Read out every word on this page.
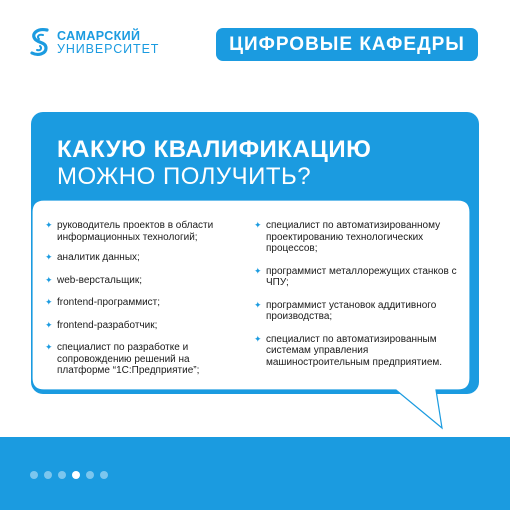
САМАРСКИЙ
УНИВЕРСИТЕТ	ЦИФРОВЫЕ КАФЕДРЫ
КАКУЮ КВАЛИФИКАЦИЮ
МОЖНО ПОЛУЧИТЬ?
✦ руководитель проектов в области информационных технологий;
✦ аналитик данных;
✦ web-верстальщик;
✦ frontend-программист;
✦ frontend-разработчик;
✦ специалист по разработке и сопровождению решений на платформе “1С:Предприятие”;
✦ специалист по автоматизированному проектированию технологических процессов;
✦ программист металлорежущих станков с ЧПУ;
✦ программист установок аддитивного производства;
✦ специалист по автоматизированным системам управления машиностроительным предприятием.
